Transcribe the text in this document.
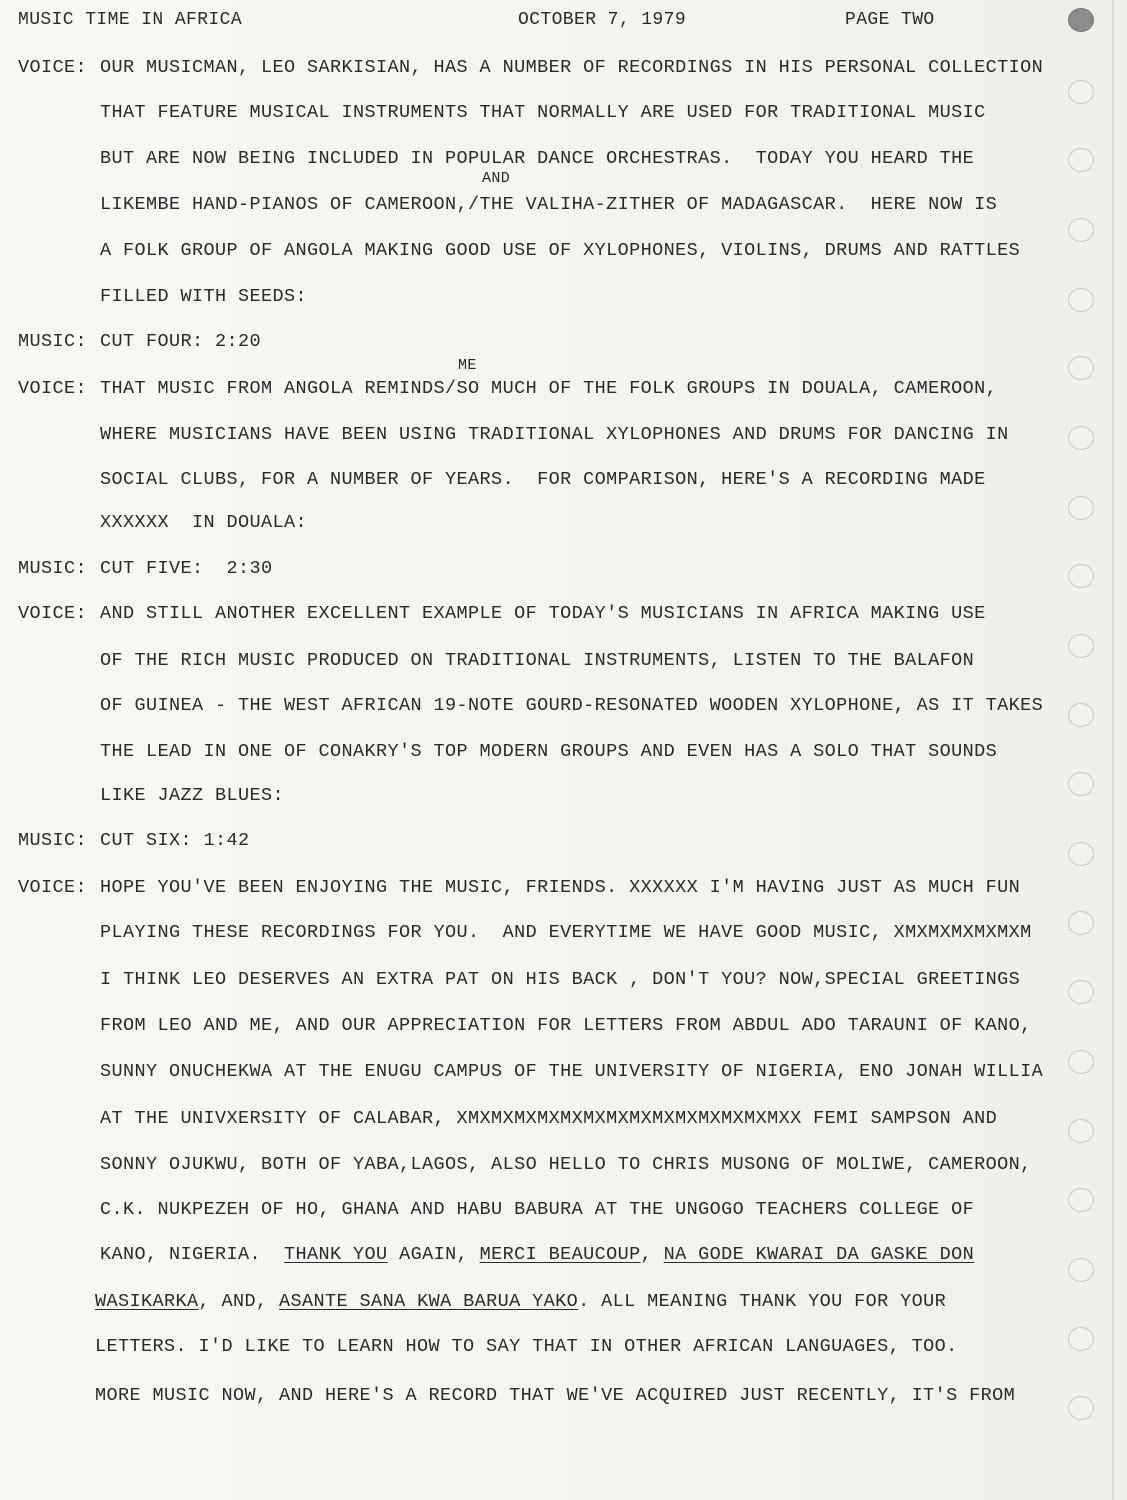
MUSIC TIME IN AFRICA	OCTOBER 7, 1979	PAGE TWO
AND
ME
VOICE: OUR MUSICMAN, LEO SARKISIAN, HAS A NUMBER OF RECORDINGS IN HIS PERSONAL COLLECTION
THAT FEATURE MUSICAL INSTRUMENTS THAT NORMALLY ARE USED FOR TRADITIONAL MUSIC
BUT ARE NOW BEING INCLUDED IN POPULAR DANCE ORCHESTRAS.  TODAY YOU HEARD THE
LIKEMBE HAND-PIANOS OF CAMEROON,/THE VALIHA-ZITHER OF MADAGASCAR.  HERE NOW IS
A FOLK GROUP OF ANGOLA MAKING GOOD USE OF XYLOPHONES, VIOLINS, DRUMS AND RATTLES
FILLED WITH SEEDS:
MUSIC: CUT FOUR: 2:20
VOICE: THAT MUSIC FROM ANGOLA REMINDS/SO MUCH OF THE FOLK GROUPS IN DOUALA, CAMEROON,
WHERE MUSICIANS HAVE BEEN USING TRADITIONAL XYLOPHONES AND DRUMS FOR DANCING IN
SOCIAL CLUBS, FOR A NUMBER OF YEARS.  FOR COMPARISON, HERE'S A RECORDING MADE
XXXXXX  IN DOUALA:
MUSIC: CUT FIVE:  2:30
VOICE: AND STILL ANOTHER EXCELLENT EXAMPLE OF TODAY'S MUSICIANS IN AFRICA MAKING USE
OF THE RICH MUSIC PRODUCED ON TRADITIONAL INSTRUMENTS, LISTEN TO THE BALAFON
OF GUINEA - THE WEST AFRICAN 19-NOTE GOURD-RESONATED WOODEN XYLOPHONE, AS IT TAKES
THE LEAD IN ONE OF CONAKRY'S TOP MODERN GROUPS AND EVEN HAS A SOLO THAT SOUNDS
LIKE JAZZ BLUES:
MUSIC: CUT SIX: 1:42
VOICE: HOPE YOU'VE BEEN ENJOYING THE MUSIC, FRIENDS. XXXXXX I'M HAVING JUST AS MUCH FUN
PLAYING THESE RECORDINGS FOR YOU.  AND EVERYTIME WE HAVE GOOD MUSIC, XMXMXMXMXMXM
I THINK LEO DESERVES AN EXTRA PAT ON HIS BACK , DON'T YOU? NOW,SPECIAL GREETINGS
FROM LEO AND ME, AND OUR APPRECIATION FOR LETTERS FROM ABDUL ADO TARAUNI OF KANO,
SUNNY ONUCHEKWA AT THE ENUGU CAMPUS OF THE UNIVERSITY OF NIGERIA, ENO JONAH WILLIA
AT THE UNIVXERSITY OF CALABAR, XMXMXMXMXMXMXMXMXMXMXMXMXMXMXX FEMI SAMPSON AND
SONNY OJUKWU, BOTH OF YABA,LAGOS, ALSO HELLO TO CHRIS MUSONG OF MOLIWE, CAMEROON,
C.K. NUKPEZEH OF HO, GHANA AND HABU BABURA AT THE UNGOGO TEACHERS COLLEGE OF
KANO, NIGERIA.  THANK YOU AGAIN, MERCI BEAUCOUP, NA GODE KWARAI DA GASKE DON
WASIKARKA, AND, ASANTE SANA KWA BARUA YAKO. ALL MEANING THANK YOU FOR YOUR
LETTERS. I'D LIKE TO LEARN HOW TO SAY THAT IN OTHER AFRICAN LANGUAGES, TOO.
MORE MUSIC NOW, AND HERE'S A RECORD THAT WE'VE ACQUIRED JUST RECENTLY, IT'S FROM
